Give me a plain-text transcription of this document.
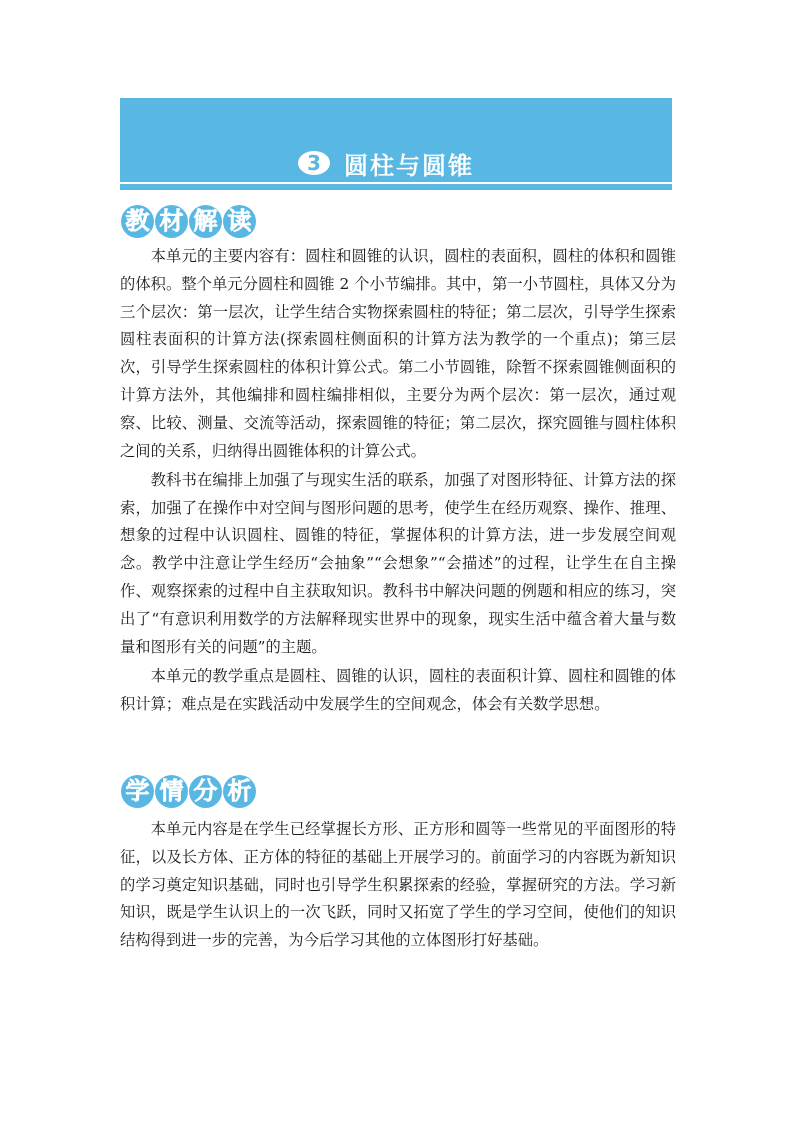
3 圆柱与圆锥
教 材 解 读

本单元的主要内容有：圆柱和圆锥的认识，圆柱的表面积，圆柱的体积和圆锥的体积。整个单元分圆柱和圆锥 2 个小节编排。其中，第一小节圆柱，具体又分为三个层次：第一层次，让学生结合实物探索圆柱的特征；第二层次，引导学生探索圆柱表面积的计算方法(探索圆柱侧面积的计算方法为教学的一个重点)；第三层次，引导学生探索圆柱的体积计算公式。第二小节圆锥，除暂不探索圆锥侧面积的计算方法外，其他编排和圆柱编排相似，主要分为两个层次：第一层次，通过观察、比较、测量、交流等活动，探索圆锥的特征；第二层次，探究圆锥与圆柱体积之间的关系，归纳得出圆锥体积的计算公式。

教科书在编排上加强了与现实生活的联系，加强了对图形特征、计算方法的探索，加强了在操作中对空间与图形问题的思考，使学生在经历观察、操作、推理、想象的过程中认识圆柱、圆锥的特征，掌握体积的计算方法，进一步发展空间观念。教学中注意让学生经历“会抽象”“会想象”“会描述”的过程，让学生在自主操作、观察探索的过程中自主获取知识。教科书中解决问题的例题和相应的练习，突出了“有意识利用数学的方法解释现实世界中的现象，现实生活中蕴含着大量与数量和图形有关的问题”的主题。

本单元的教学重点是圆柱、圆锥的认识，圆柱的表面积计算、圆柱和圆锥的体积计算；难点是在实践活动中发展学生的空间观念，体会有关数学思想。

学 情 分 析

本单元内容是在学生已经掌握长方形、正方形和圆等一些常见的平面图形的特征，以及长方体、正方体的特征的基础上开展学习的。前面学习的内容既为新知识的学习奠定知识基础，同时也引导学生积累探索的经验，掌握研究的方法。学习新知识，既是学生认识上的一次飞跃，同时又拓宽了学生的学习空间，使他们的知识结构得到进一步的完善，为今后学习其他的立体图形打好基础。
